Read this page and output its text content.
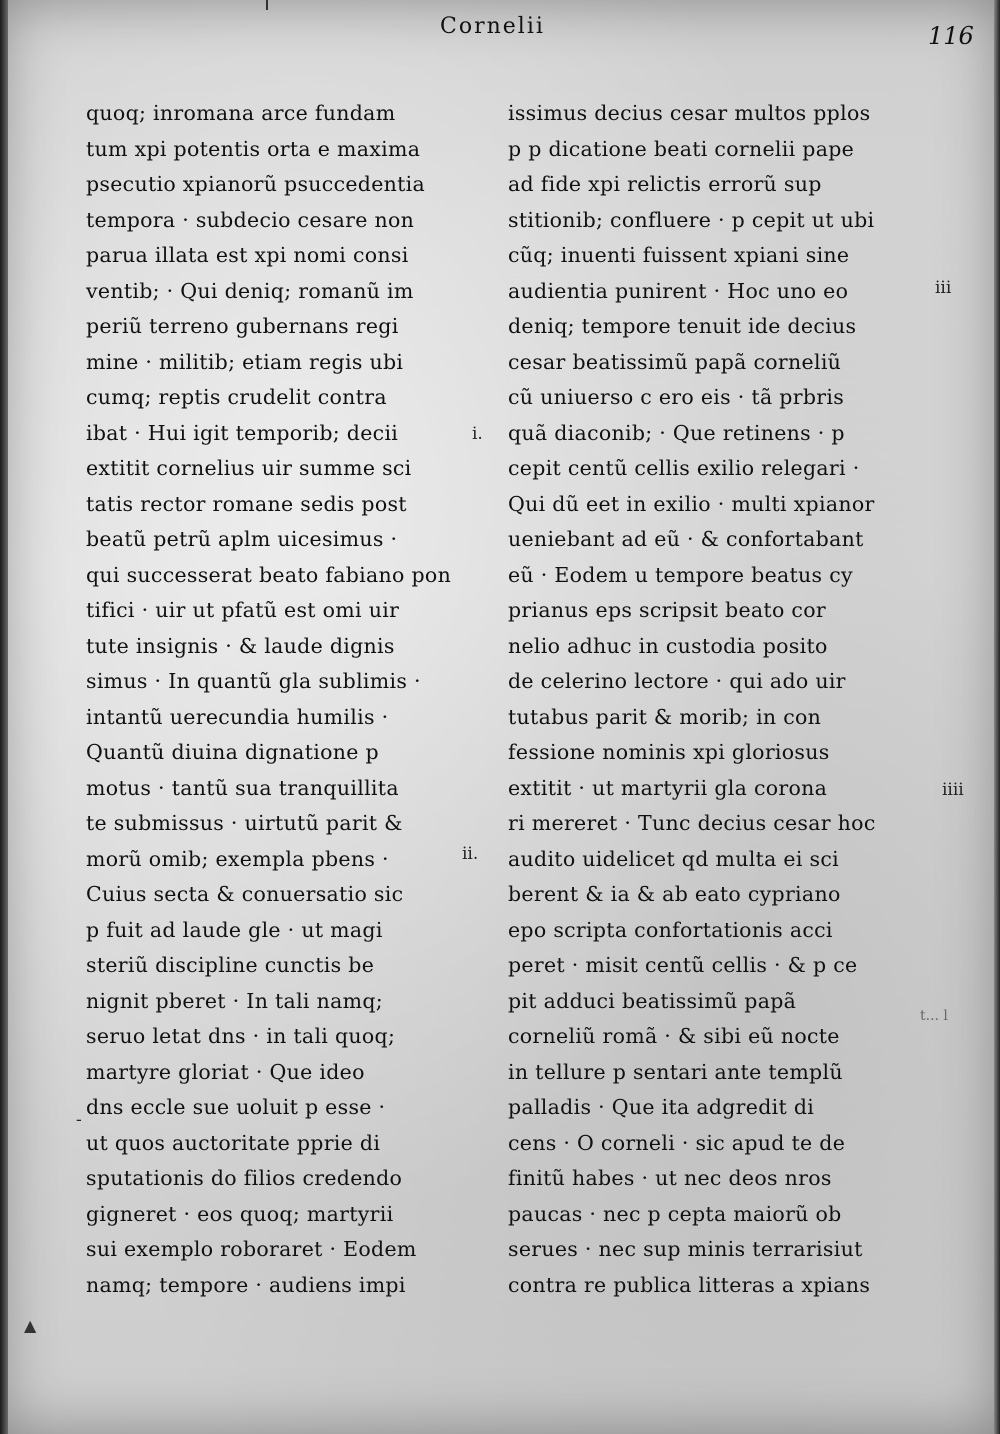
Cornelii	116
quoq; inromana arce fundam
tum xpi potentis orta e maxima
psecutio xpianorũ psuccedentia
tempora · subdecio cesare non
parua illata est xpi nomi consi
ventib; · Qui deniq; romanũ im
periũ terreno gubernans regi
mine · militib; etiam regis ubi
cumq; reptis crudelit contra
ibat · Hui igit temporib; decii
extitit cornelius uir summe sci
tatis rector romane sedis post
beatũ petrũ aplm uicesimus ·
qui successerat beato fabiano pon
tifici · uir ut pfatũ est omi uir
tute insignis · & laude dignis
simus · In quantũ gla sublimis ·
intantũ uerecundia humilis ·
Quantũ diuina dignatione p
motus · tantũ sua tranquillita
te submissus · uirtutũ parit &
morũ omib; exempla pbens ·
Cuius secta & conuersatio sic
p fuit ad laude gle · ut magi
steriũ discipline cunctis be
nignit pberet · In tali namq;
seruo letat dns · in tali quoq;
martyre gloriat · Que ideo
dns eccle sue uoluit p esse ·
ut quos auctoritate pprie di
sputationis do filios credendo
gigneret · eos quoq; martyrii
sui exemplo roboraret · Eodem
namq; tempore · audiens impi
issimus decius cesar multos pplos
p p dicatione beati cornelii pape
ad fide xpi relictis errorũ sup
stitionib; confluere · p cepit ut ubi
cũq; inuenti fuissent xpiani sine
audientia punirent · Hoc uno eo
deniq; tempore tenuit ide decius
cesar beatissimũ papã corneliũ
cũ uniuerso c ero eis · tã prbris
quã diaconib; · Que retinens · p
cepit centũ cellis exilio relegari ·
Qui dũ eet in exilio · multi xpianor
ueniebant ad eũ · & confortabant
eũ · Eodem u tempore beatus cy
prianus eps scripsit beato cor
nelio adhuc in custodia posito
de celerino lectore · qui ado uir
tutabus parit & morib; in con
fessione nominis xpi gloriosus
extitit · ut martyrii gla corona
ri mereret · Tunc decius cesar hoc
audito uidelicet qd multa ei sci
berent & ia & ab eato cypriano
epo scripta confortationis acci
peret · misit centũ cellis · & p ce
pit adduci beatissimũ papã
corneliũ romã · & sibi eũ nocte
in tellure p sentari ante templũ
palladis · Que ita adgredit di
cens · O corneli · sic apud te de
finitũ habes · ut nec deos nros
paucas · nec p cepta maiorũ ob
serues · nec sup minis terrarisiut
contra re publica litteras a xpians
i.
ii.
iii
iiii
-
t... l
▲
